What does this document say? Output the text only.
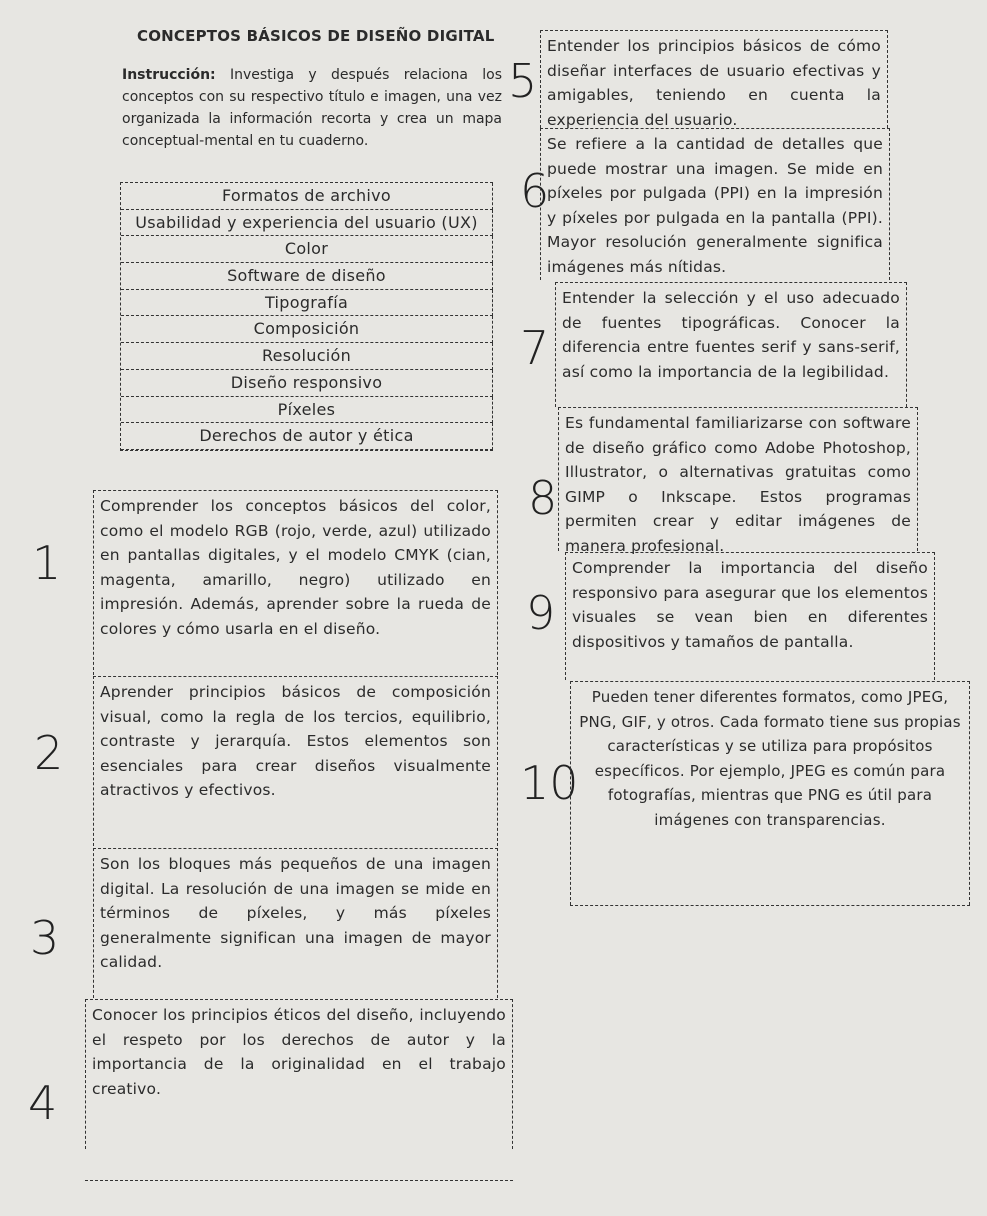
CONCEPTOS BÁSICOS DE DISEÑO DIGITAL
Instrucción: Investiga y después relaciona los conceptos con su respectivo título e imagen, una vez organizada la información recorta y crea un mapa conceptual-mental en tu cuaderno.
Formatos de archivo
Usabilidad y experiencia del usuario (UX)
Color
Software de diseño
Tipografía
Composición
Resolución
Diseño responsivo
Píxeles
Derechos de autor y ética
1
Comprender los conceptos básicos del color, como el modelo RGB (rojo, verde, azul) utilizado en pantallas digitales, y el modelo CMYK (cian, magenta, amarillo, negro) utilizado en impresión. Además, aprender sobre la rueda de colores y cómo usarla en el diseño.
2
Aprender principios básicos de composición visual, como la regla de los tercios, equilibrio, contraste y jerarquía. Estos elementos son esenciales para crear diseños visualmente atractivos y efectivos.
3
Son los bloques más pequeños de una imagen digital. La resolución de una imagen se mide en términos de píxeles, y más píxeles generalmente significan una imagen de mayor calidad.
4
Conocer los principios éticos del diseño, incluyendo el respeto por los derechos de autor y la importancia de la originalidad en el trabajo creativo.
5
Entender los principios básicos de cómo diseñar interfaces de usuario efectivas y amigables, teniendo en cuenta la experiencia del usuario.
6
Se refiere a la cantidad de detalles que puede mostrar una imagen. Se mide en píxeles por pulgada (PPI) en la impresión y píxeles por pulgada en la pantalla (PPI). Mayor resolución generalmente significa imágenes más nítidas.
7
Entender la selección y el uso adecuado de fuentes tipográficas. Conocer la diferencia entre fuentes serif y sans-serif, así como la importancia de la legibilidad.
8
Es fundamental familiarizarse con software de diseño gráfico como Adobe Photoshop, Illustrator, o alternativas gratuitas como GIMP o Inkscape. Estos programas permiten crear y editar imágenes de manera profesional.
9
Comprender la importancia del diseño responsivo para asegurar que los elementos visuales se vean bien en diferentes dispositivos y tamaños de pantalla.
10
Pueden tener diferentes formatos, como JPEG, PNG, GIF, y otros. Cada formato tiene sus propias características y se utiliza para propósitos específicos. Por ejemplo, JPEG es común para fotografías, mientras que PNG es útil para imágenes con transparencias.
